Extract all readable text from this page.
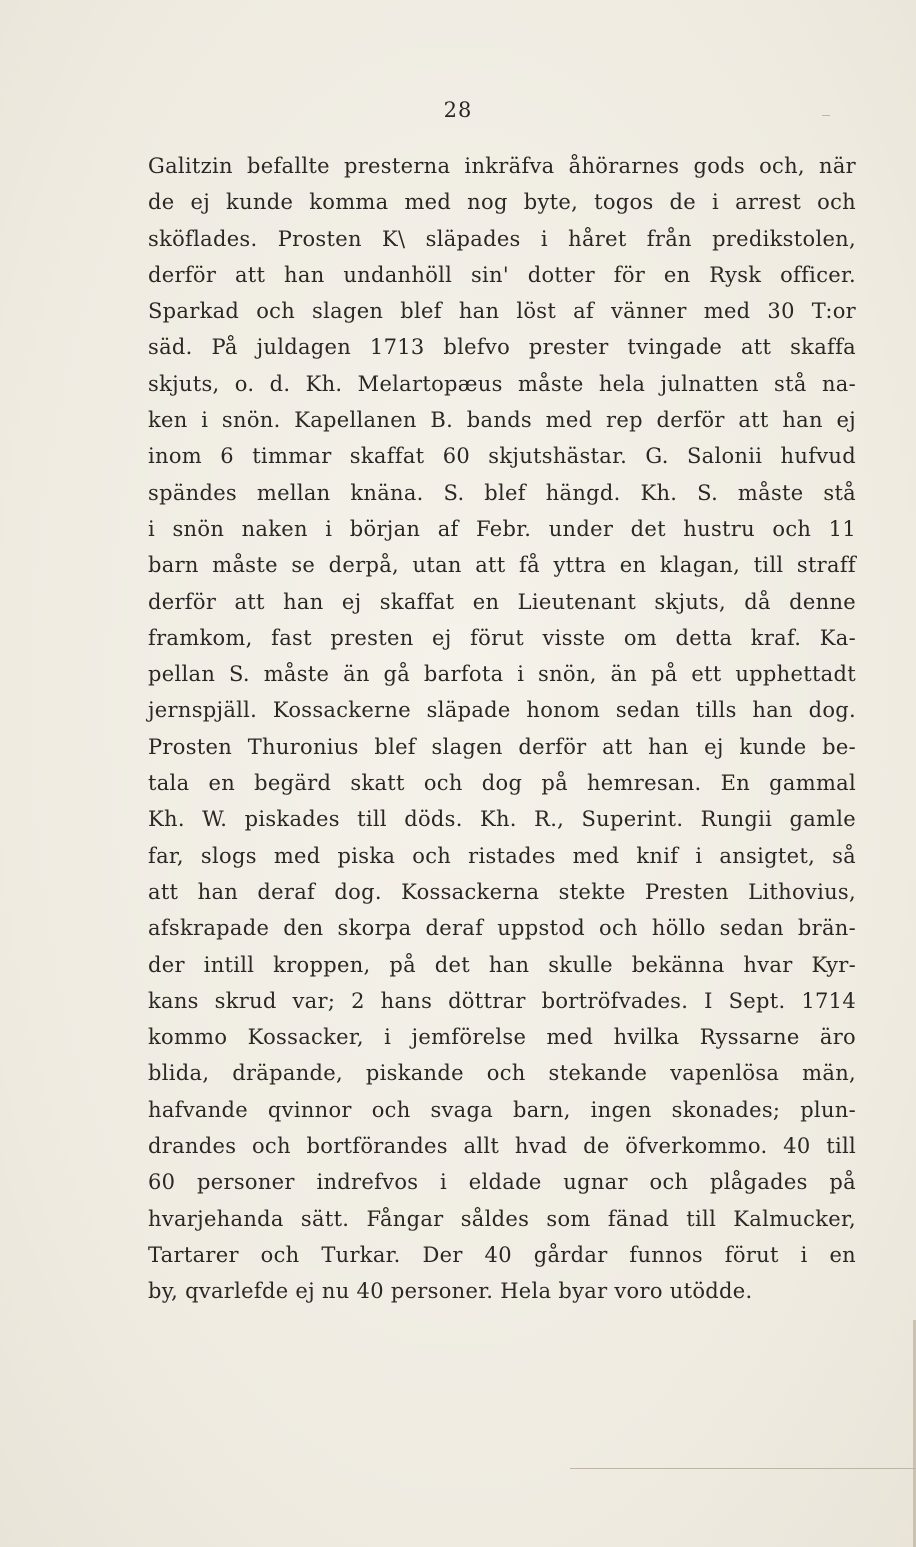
28
Galitzin befallte presterna inkräfva åhörarnes gods och, när
de ej kunde komma med nog byte, togos de i arrest och
sköflades. Prosten K\ släpades i håret från predikstolen,
derför att han undanhöll sin' dotter för en Rysk officer.
Sparkad och slagen blef han löst af vänner med 30 T:or
säd. På juldagen 1713 blefvo prester tvingade att skaffa
skjuts, o. d. Kh. Melartopæus måste hela julnatten stå na-
ken i snön. Kapellanen B. bands med rep derför att han ej
inom 6 timmar skaffat 60 skjutshästar. G. Salonii hufvud
spändes mellan knäna. S. blef hängd. Kh. S. måste stå
i snön naken i början af Febr. under det hustru och 11
barn måste se derpå, utan att få yttra en klagan, till straff
derför att han ej skaffat en Lieutenant skjuts, då denne
framkom, fast presten ej förut visste om detta kraf. Ka-
pellan S. måste än gå barfota i snön, än på ett upphettadt
jernspjäll. Kossackerne släpade honom sedan tills han dog.
Prosten Thuronius blef slagen derför att han ej kunde be-
tala en begärd skatt och dog på hemresan. En gammal
Kh. W. piskades till döds. Kh. R., Superint. Rungii gamle
far, slogs med piska och ristades med knif i ansigtet, så
att han deraf dog. Kossackerna stekte Presten Lithovius,
afskrapade den skorpa deraf uppstod och höllo sedan brän-
der intill kroppen, på det han skulle bekänna hvar Kyr-
kans skrud var; 2 hans döttrar bortröfvades. I Sept. 1714
kommo Kossacker, i jemförelse med hvilka Ryssarne äro
blida, dräpande, piskande och stekande vapenlösa män,
hafvande qvinnor och svaga barn, ingen skonades; plun-
drandes och bortförandes allt hvad de öfverkommo. 40 till
60 personer indrefvos i eldade ugnar och plågades på
hvarjehanda sätt. Fångar såldes som fänad till Kalmucker,
Tartarer och Turkar. Der 40 gårdar funnos förut i en
by, qvarlefde ej nu 40 personer. Hela byar voro utödde.
